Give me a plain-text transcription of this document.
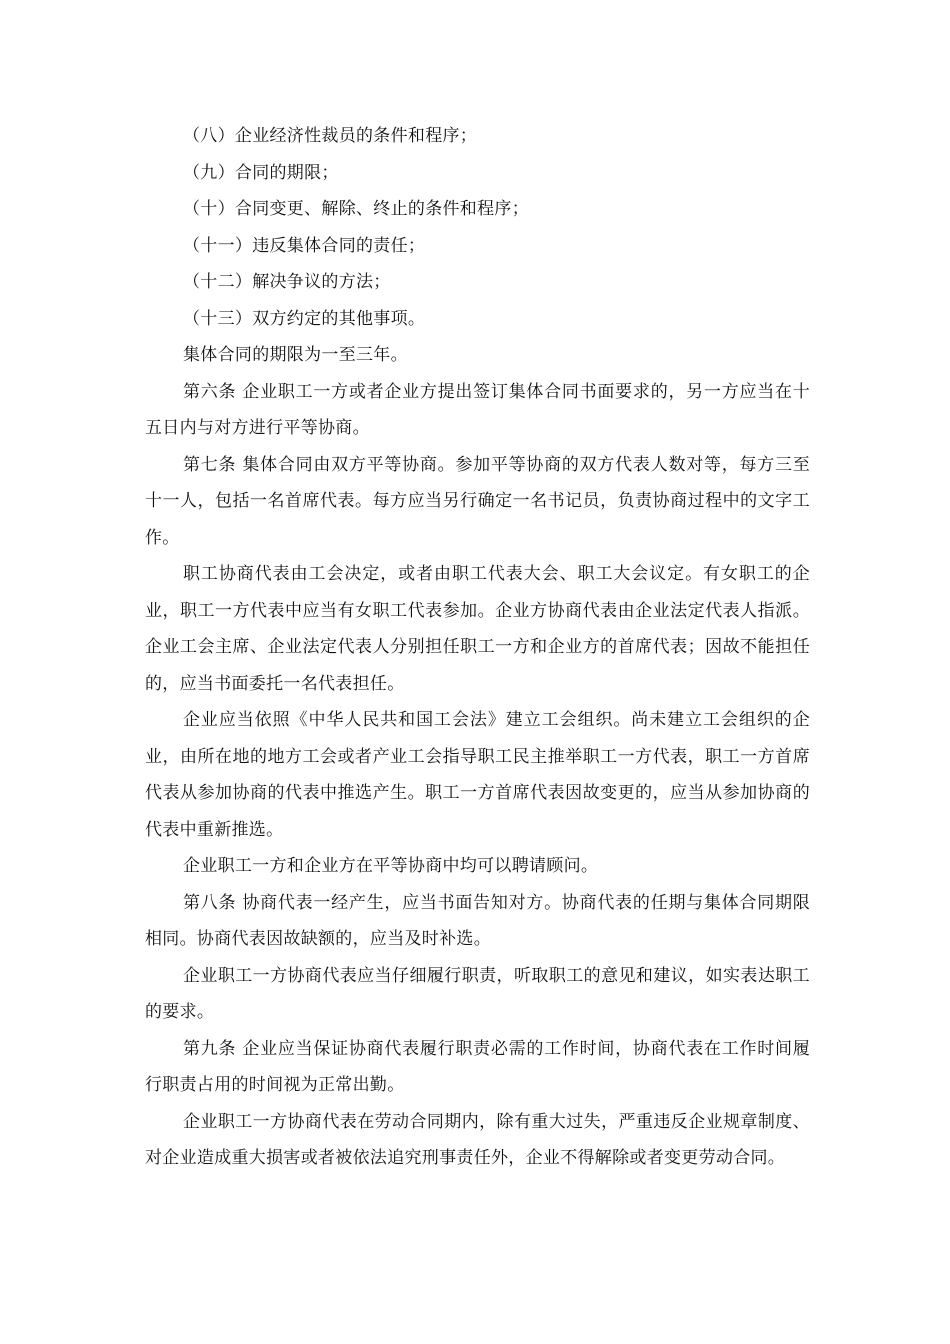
（八）企业经济性裁员的条件和程序；

（九）合同的期限；

（十）合同变更、解除、终止的条件和程序；

（十一）违反集体合同的责任；

（十二）解决争议的方法；

（十三）双方约定的其他事项。

集体合同的期限为一至三年。

第六条 企业职工一方或者企业方提出签订集体合同书面要求的，另一方应当在十五日内与对方进行平等协商。

第七条 集体合同由双方平等协商。参加平等协商的双方代表人数对等，每方三至十一人，包括一名首席代表。每方应当另行确定一名书记员，负责协商过程中的文字工作。

职工协商代表由工会决定，或者由职工代表大会、职工大会议定。有女职工的企业，职工一方代表中应当有女职工代表参加。企业方协商代表由企业法定代表人指派。企业工会主席、企业法定代表人分别担任职工一方和企业方的首席代表；因故不能担任的，应当书面委托一名代表担任。

企业应当依照《中华人民共和国工会法》建立工会组织。尚未建立工会组织的企业，由所在地的地方工会或者产业工会指导职工民主推举职工一方代表，职工一方首席代表从参加协商的代表中推选产生。职工一方首席代表因故变更的，应当从参加协商的代表中重新推选。

企业职工一方和企业方在平等协商中均可以聘请顾问。

第八条 协商代表一经产生，应当书面告知对方。协商代表的任期与集体合同期限相同。协商代表因故缺额的，应当及时补选。

企业职工一方协商代表应当仔细履行职责，听取职工的意见和建议，如实表达职工的要求。

第九条 企业应当保证协商代表履行职责必需的工作时间，协商代表在工作时间履行职责占用的时间视为正常出勤。

企业职工一方协商代表在劳动合同期内，除有重大过失，严重违反企业规章制度、对企业造成重大损害或者被依法追究刑事责任外，企业不得解除或者变更劳动合同。
